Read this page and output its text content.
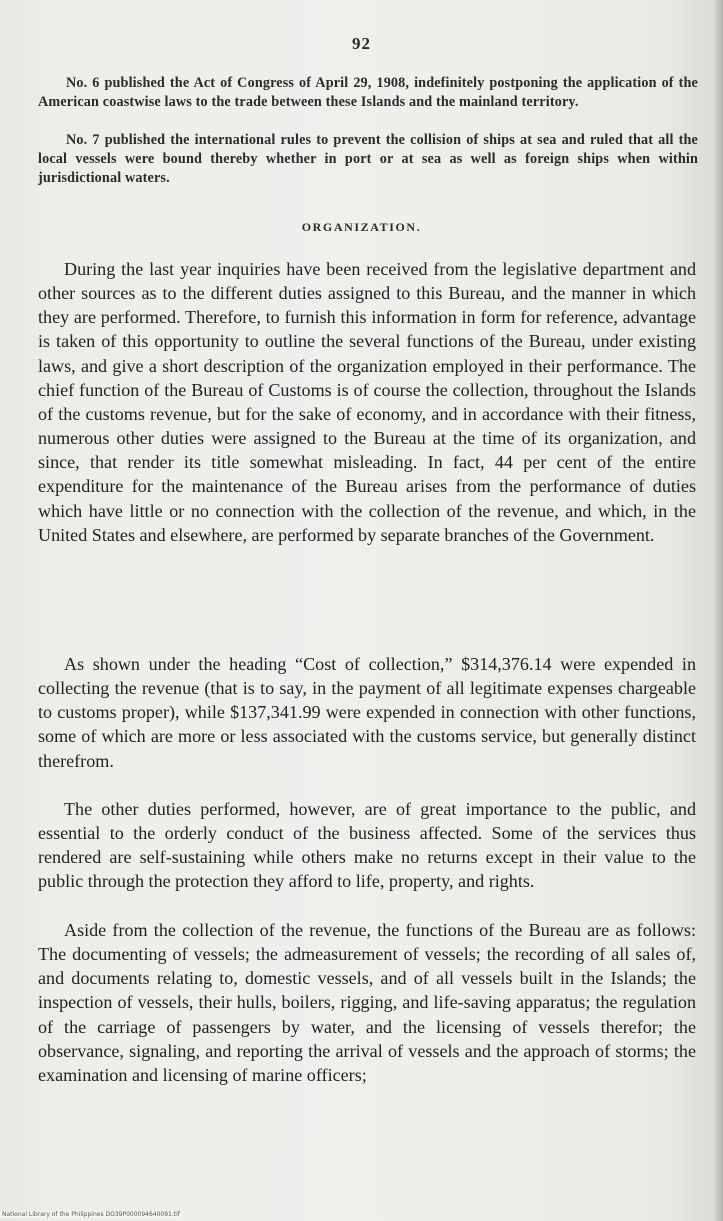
92

No. 6 published the Act of Congress of April 29, 1908, indefinitely postponing the application of the American coastwise laws to the trade between these Islands and the mainland territory.

No. 7 published the international rules to prevent the collision of ships at sea and ruled that all the local vessels were bound thereby whether in port or at sea as well as foreign ships when within jurisdictional waters.

ORGANIZATION.

During the last year inquiries have been received from the legislative department and other sources as to the different duties assigned to this Bureau, and the manner in which they are performed. Therefore, to furnish this information in form for reference, advantage is taken of this opportunity to outline the several functions of the Bureau, under existing laws, and give a short description of the organization employed in their performance. The chief function of the Bureau of Customs is of course the collection, throughout the Islands of the customs revenue, but for the sake of economy, and in accordance with their fitness, numerous other duties were assigned to the Bureau at the time of its organization, and since, that render its title somewhat misleading. In fact, 44 per cent of the entire expenditure for the maintenance of the Bureau arises from the performance of duties which have little or no connection with the collection of the revenue, and which, in the United States and elsewhere, are performed by separate branches of the Government.

As shown under the heading “Cost of collection,” $314,376.14 were expended in collecting the revenue (that is to say, in the payment of all legitimate expenses chargeable to customs proper), while $137,341.99 were expended in connection with other functions, some of which are more or less associated with the customs service, but generally distinct therefrom.

The other duties performed, however, are of great importance to the public, and essential to the orderly conduct of the business affected. Some of the services thus rendered are self-sustaining while others make no returns except in their value to the public through the protection they afford to life, property, and rights.

Aside from the collection of the revenue, the functions of the Bureau are as follows: The documenting of vessels; the admeasurement of vessels; the recording of all sales of, and documents relating to, domestic vessels, and of all vessels built in the Islands; the inspection of vessels, their hulls, boilers, rigging, and life-saving apparatus; the regulation of the carriage of passengers by water, and the licensing of vessels therefor; the observance, signaling, and reporting the arrival of vessels and the approach of storms; the examination and licensing of marine officers;

National Library of the Philippines DO39P000094640091.tif
